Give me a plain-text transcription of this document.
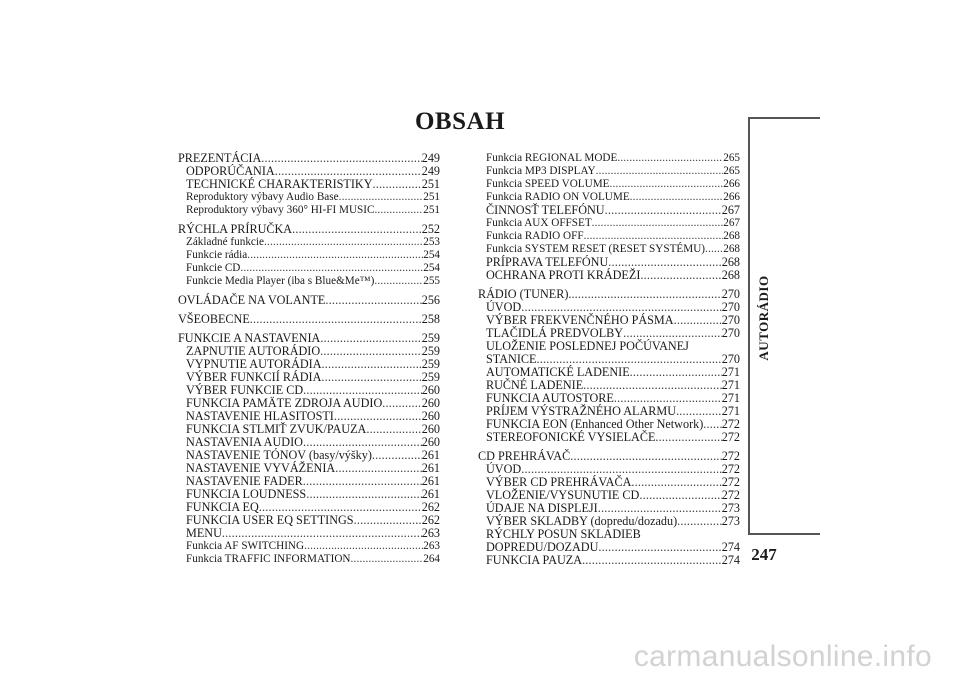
OBSAH
PREZENTÁCIA .....	249
ODPORÚČANIA .....	249
TECHNICKÉ CHARAKTERISTIKY .....	251
Reproduktory výbavy Audio Base .....	251
Reproduktory výbavy 360° HI-FI MUSIC .....	251
RÝCHLA PRÍRUČKA .....	252
Základné funkcie .....	253
Funkcie rádia .....	254
Funkcie CD .....	254
Funkcie Media Player (iba s Blue&Me™) .....	255
OVLÁDAČE NA VOLANTE .....	256
VŠEOBECNE .....	258
FUNKCIE A NASTAVENIA .....	259
ZAPNUTIE AUTORÁDIO .....	259
VYPNUTIE AUTORÁDIA .....	259
VÝBER FUNKCIÍ RÁDIA .....	259
VÝBER FUNKCIE CD .....	260
FUNKCIA PAMÄTE ZDROJA AUDIO .....	260
NASTAVENIE HLASITOSTI .....	260
FUNKCIA STLMIŤ ZVUK/PAUZA .....	260
NASTAVENIA AUDIO .....	260
NASTAVENIE TÓNOV (basy/výšky) .....	261
NASTAVENIE VYVÁŽENIA .....	261
NASTAVENIE FADER .....	261
FUNKCIA LOUDNESS .....	261
FUNKCIA EQ .....	262
FUNKCIA USER EQ SETTINGS .....	262
MENU .....	263
Funkcia AF SWITCHING .....	263
Funkcia TRAFFIC INFORMATION .....	264
Funkcia REGIONAL MODE .....	265
Funkcia MP3 DISPLAY .....	265
Funkcia SPEED VOLUME .....	266
Funkcia RADIO ON VOLUME .....	266
ČINNOSŤ TELEFÓNU .....	267
Funkcia AUX OFFSET .....	267
Funkcia RADIO OFF .....	268
Funkcia SYSTEM RESET (RESET SYSTÉMU) ..... 268
PRÍPRAVA TELEFÓNU .....	268
OCHRANA PROTI KRÁDEŽI .....	268
RÁDIO (TUNER). .....	270
ÚVOD .....	270
VÝBER FREKVENČNÉHO PÁSMA .....	270
TLAČIDLÁ PREDVOLBY .....	270
ULOŽENIE POSLEDNEJ POČÚVANEJ
STANICE .....	270
AUTOMATICKÉ LADENIE .....	271
RUČNÉ LADENIE .....	271
FUNKCIA AUTOSTORE .....	271
PRÍJEM VÝSTRAŽNÉHO ALARMU .....	271
FUNKCIA EON (Enhanced Other Network) ..... 272
STEREOFONICKÉ VYSIELAČE .....	272
CD PREHRÁVAČ .....	272
ÚVOD .....	272
VÝBER CD PREHRÁVAČA .....	272
VLOŽENIE/VYSUNUTIE CD .....	272
ÚDAJE NA DISPLEJI .....	273
VÝBER SKLADBY (dopredu/dozadu) .....	273
RÝCHLY POSUN SKLADIEB
DOPREDU/DOZADU .....	274
FUNKCIA PAUZA .....	274
AUTORÁDIO
247
carmanualsonline.info
